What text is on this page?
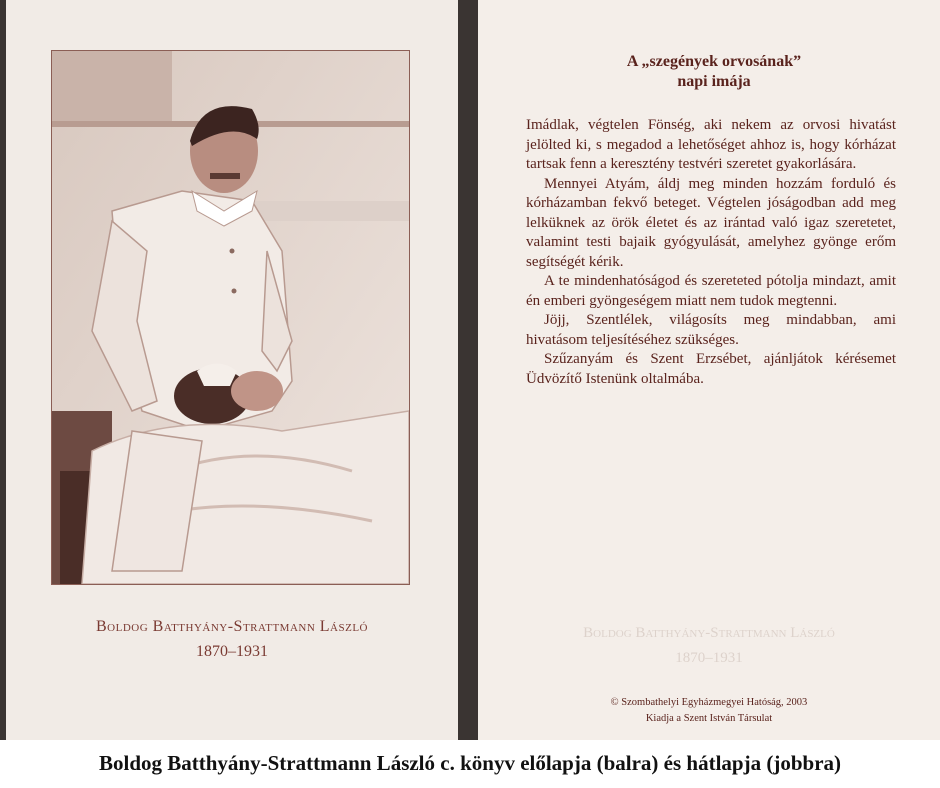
Boldog Batthyány-Strattmann László
1870–1931
A „szegények orvosának”
napi imája

Imádlak, végtelen Fönség, aki nekem az orvosi hivatást jelölted ki, s megadod a lehetőséget ahhoz is, hogy kórházat tartsak fenn a keresztény testvéri szeretet gyakorlására.

Mennyei Atyám, áldj meg minden hozzám forduló és kórházamban fekvő beteget. Végtelen jóságodban add meg lelküknek az örök életet és az irántad való igaz szeretetet, valamint testi bajaik gyógyulását, amelyhez gyönge erőm segítségét kérik.

A te mindenhatóságod és szereteted pótolja mindazt, amit én emberi gyöngeségem miatt nem tudok megtenni.

Jöjj, Szentlélek, világosíts meg mindabban, ami hivatásom teljesítéséhez szükséges.

Szűzanyám és Szent Erzsébet, ajánljátok kérésemet Üdvözítő Istenünk oltalmába.

Boldog Batthyány-Strattmann László
1870–1931
© Szombathelyi Egyházmegyei Hatóság, 2003
Kiadja a Szent István Társulat
Boldog Batthyány-Strattmann László c. könyv előlapja (balra) és hátlapja (jobbra)
